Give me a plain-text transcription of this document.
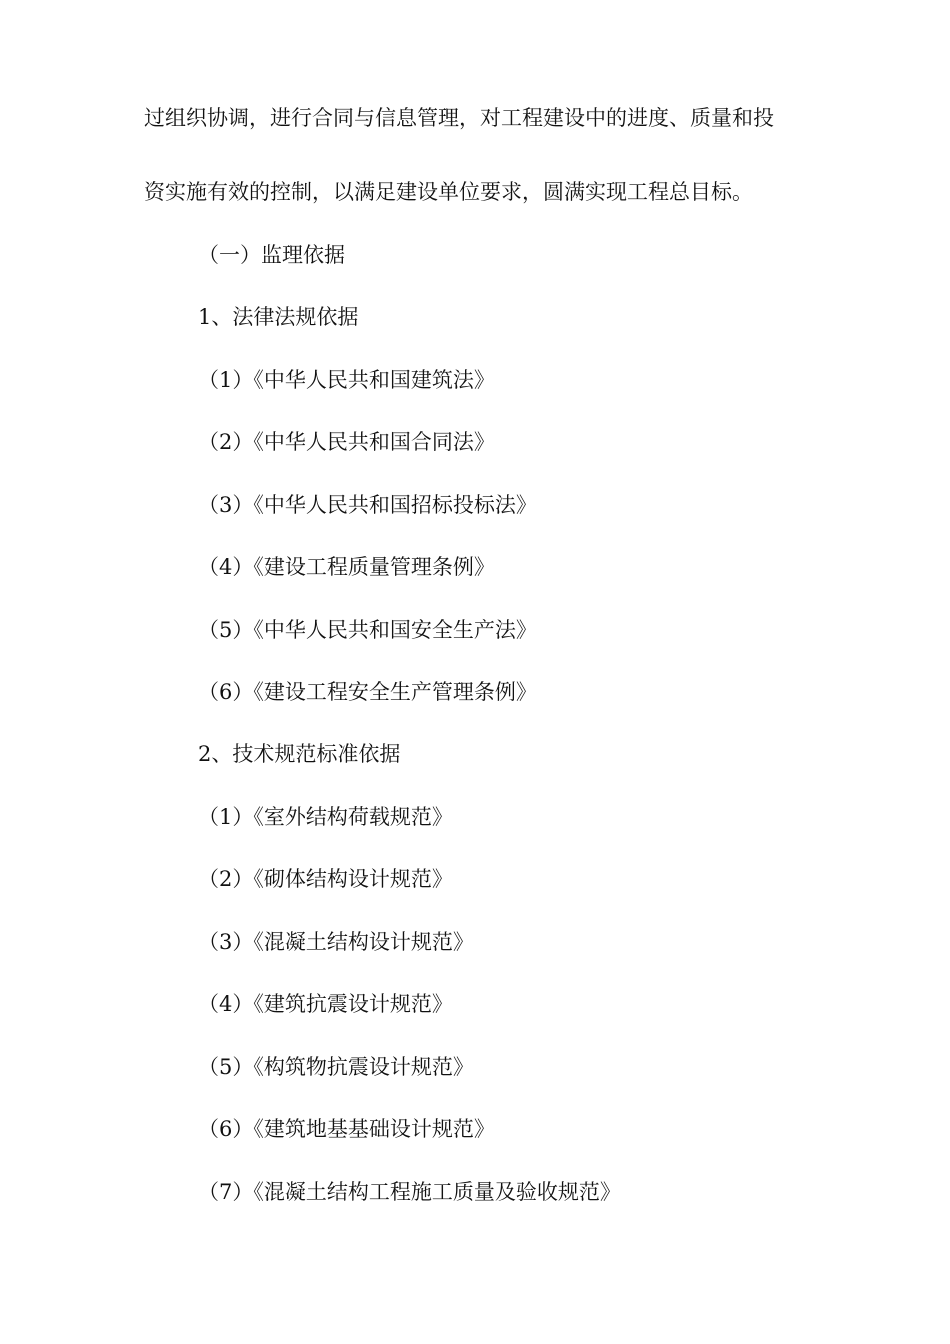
过组织协调，进行合同与信息管理，对工程建设中的进度、质量和投
资实施有效的控制，以满足建设单位要求，圆满实现工程总目标。
（一）监理依据
1、法律法规依据
（1）《中华人民共和国建筑法》
（2）《中华人民共和国合同法》
（3）《中华人民共和国招标投标法》
（4）《建设工程质量管理条例》
（5）《中华人民共和国安全生产法》
（6）《建设工程安全生产管理条例》
2、技术规范标准依据
（1）《室外结构荷载规范》
（2）《砌体结构设计规范》
（3）《混凝土结构设计规范》
（4）《建筑抗震设计规范》
（5）《构筑物抗震设计规范》
（6）《建筑地基基础设计规范》
（7）《混凝土结构工程施工质量及验收规范》
